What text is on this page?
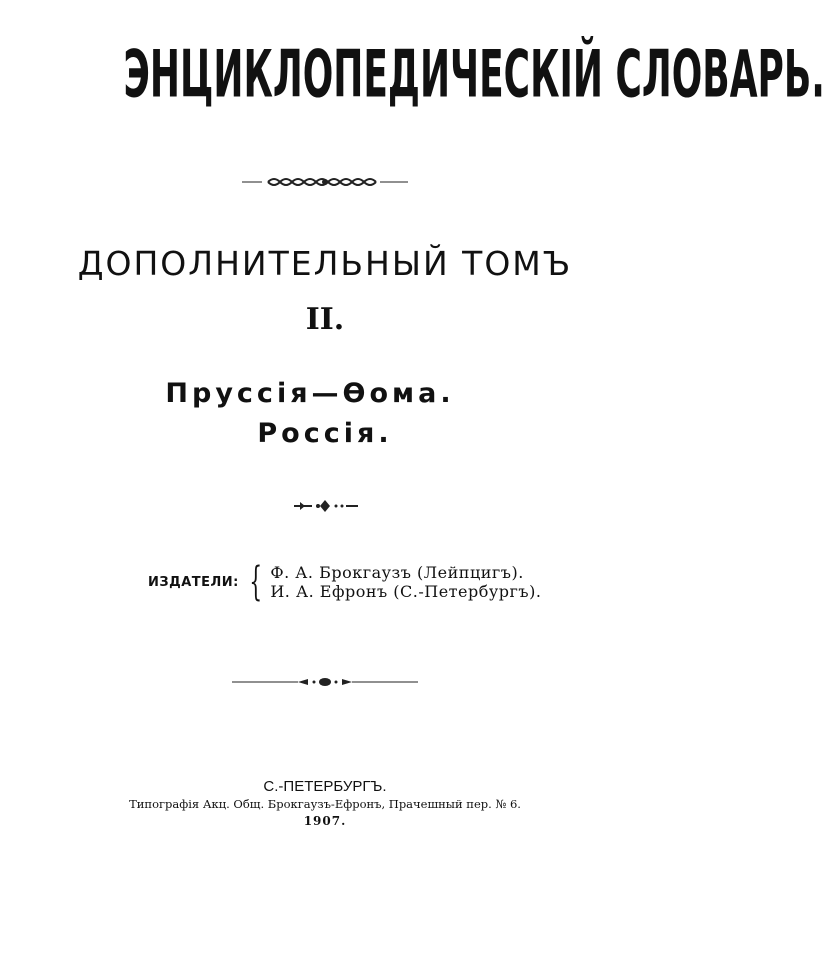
ЭНЦИКЛОПЕДИЧЕСКІЙ СЛОВАРЬ.
ДОПОЛНИТЕЛЬНЫЙ ТОМЪ
II.
Пруссія—Ѳома.
Россія.
ИЗДАТЕЛИ: { Ф. А. Брокгаузъ (Лейпцигъ).
И. А. Ефронъ (С.-Петербургъ).
С.-ПЕТЕРБУРГЪ.
Типографія Акц. Общ. Брокгаузъ-Ефронъ, Прачешный пер. № 6.
1907.
